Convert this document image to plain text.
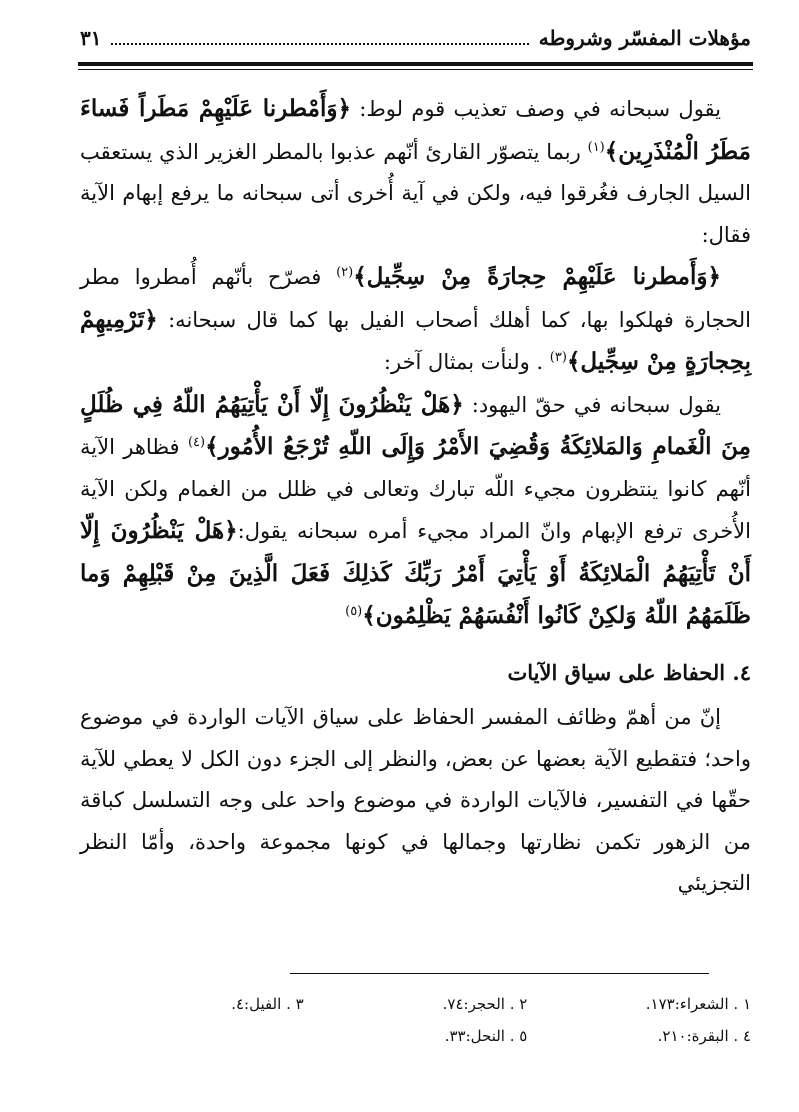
مؤهلات المفسّر وشروطه
٣١

يقول سبحانه في وصف تعذيب قوم لوط: ﴿وَأَمْطرنا عَلَيْهِمْ مَطَراً فَساءَ مَطَرُ الْمُنْذَرِين﴾$^{(١)}$ ربما يتصوّر القارئ أنّهم عذبوا بالمطر الغزير الذي يستعقب السيل الجارف فغُرقوا فيه، ولكن في آية أُخرى أتى سبحانه ما يرفع إبهام الآية فقال:

﴿وَأَمطرنا عَلَيْهِمْ حِجارَةً مِنْ سِجِّيل﴾$^{(٢)}$ فصرّح بأنّهم أُمطروا مطر الحجارة فهلكوا بها، كما أهلك أصحاب الفيل بها كما قال سبحانه: ﴿تَرْمِيهِمْ بِحِجارَةٍ مِنْ سِجِّيل﴾$^{(٣)}$ . ولنأت بمثال آخر:

يقول سبحانه في حقّ اليهود: ﴿هَلْ يَنْظُرُونَ إِلّا أَنْ يَأْتِيَهُمُ اللّهُ فِي ظُلَلٍ مِنَ الْغَمامِ وَالمَلائِكَةُ وَقُضِيَ الأَمْرُ وَإِلَى اللّهِ تُرْجَعُ الأُمُور﴾$^{(٤)}$ فظاهر الآية أنّهم كانوا ينتظرون مجيء اللّه تبارك وتعالى في ظلل من الغمام ولكن الآية الأُخرى ترفع الإبهام وانّ المراد مجيء أمره سبحانه يقول:﴿هَلْ يَنْظُرُونَ إِلّا أَنْ تَأْتِيَهُمُ الْمَلائِكَةُ أَوْ يَأْتِيَ أَمْرُ رَبِّكَ كَذلِكَ فَعَلَ الَّذِينَ مِنْ قَبْلِهِمْ وَما ظَلَمَهُمُ اللّهُ وَلكِنْ كَانُوا أَنْفُسَهُمْ يَظْلِمُون﴾$^{(٥)}$

٤. الحفاظ على سياق الآيات

إنّ من أهمّ وظائف المفسر الحفاظ على سياق الآيات الواردة في موضوع واحد؛ فتقطيع الآية بعضها عن بعض، والنظر إلى الجزء دون الكل لا يعطي للآية حقّها في التفسير، فالآيات الواردة في موضوع واحد على وجه التسلسل كباقة من الزهور تكمن نظارتها وجمالها في كونها مجموعة واحدة، وأمّا النظر التجزيئي

١ . الشعراء:١٧٣.
٢ . الحجر:٧٤.
٣ . الفيل:٤.
٤ . البقرة:٢١٠.
٥ . النحل:٣٣.
